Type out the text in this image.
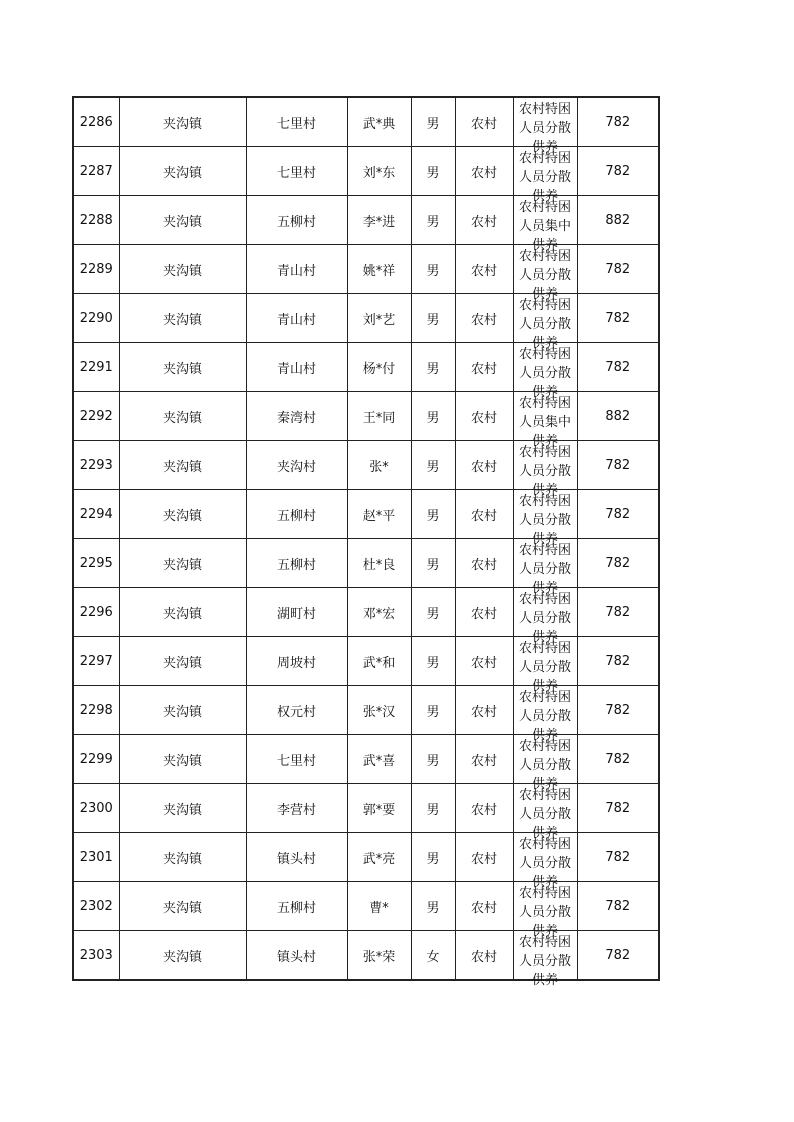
2286	夹沟镇	七里村	武*典	男	农村	农村特困人员分散供养	782
2287	夹沟镇	七里村	刘*东	男	农村	农村特困人员分散供养	782
2288	夹沟镇	五柳村	李*进	男	农村	农村特困人员集中供养	882
2289	夹沟镇	青山村	姚*祥	男	农村	农村特困人员分散供养	782
2290	夹沟镇	青山村	刘*艺	男	农村	农村特困人员分散供养	782
2291	夹沟镇	青山村	杨*付	男	农村	农村特困人员分散供养	782
2292	夹沟镇	秦湾村	王*同	男	农村	农村特困人员集中供养	882
2293	夹沟镇	夹沟村	张*	男	农村	农村特困人员分散供养	782
2294	夹沟镇	五柳村	赵*平	男	农村	农村特困人员分散供养	782
2295	夹沟镇	五柳村	杜*良	男	农村	农村特困人员分散供养	782
2296	夹沟镇	湖町村	邓*宏	男	农村	农村特困人员分散供养	782
2297	夹沟镇	周坡村	武*和	男	农村	农村特困人员分散供养	782
2298	夹沟镇	权元村	张*汉	男	农村	农村特困人员分散供养	782
2299	夹沟镇	七里村	武*喜	男	农村	农村特困人员分散供养	782
2300	夹沟镇	李营村	郭*要	男	农村	农村特困人员分散供养	782
2301	夹沟镇	镇头村	武*亮	男	农村	农村特困人员分散供养	782
2302	夹沟镇	五柳村	曹*	男	农村	农村特困人员分散供养	782
2303	夹沟镇	镇头村	张*荣	女	农村	农村特困人员分散供养	782
